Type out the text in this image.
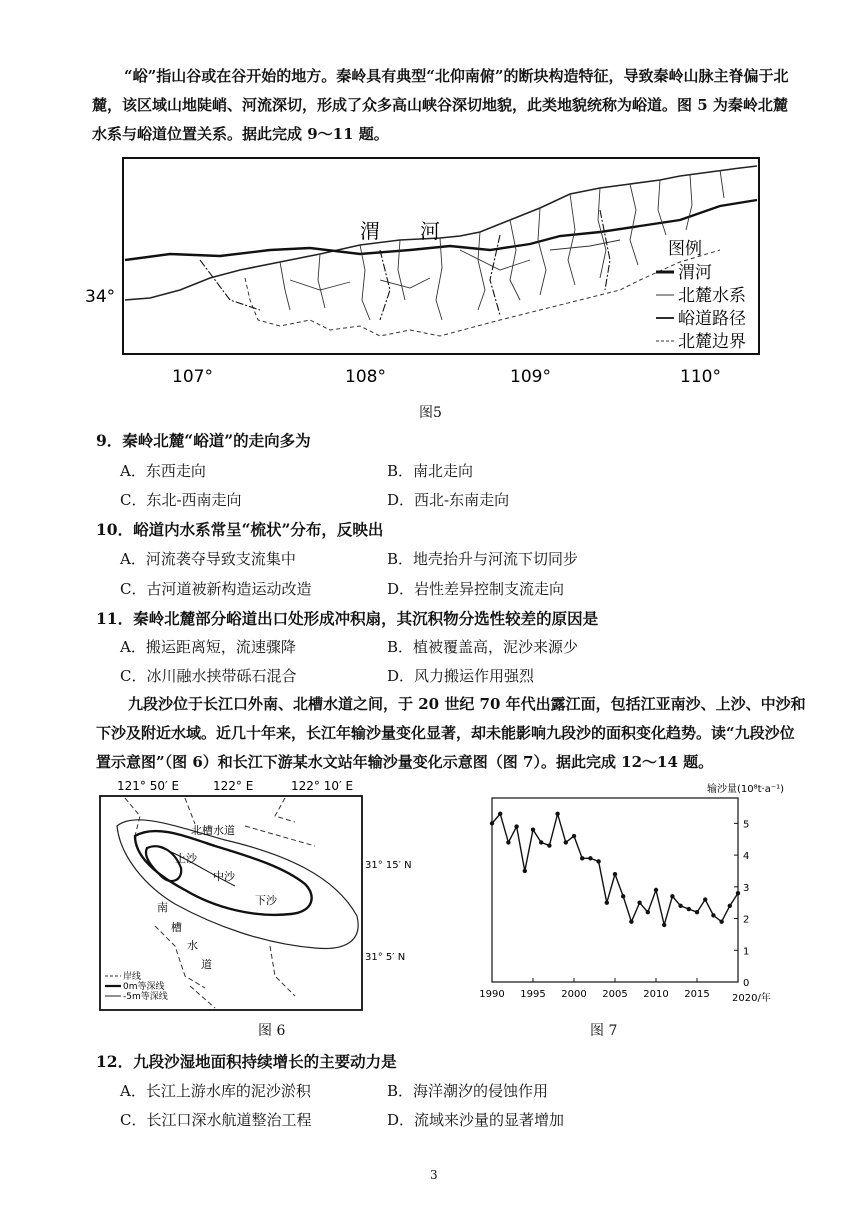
“峪”指山谷或在谷开始的地方。秦岭具有典型“北仰南俯”的断块构造特征，导致秦岭山脉主脊偏于北
麓，该区域山地陡峭、河流深切，形成了众多高山峡谷深切地貌，此类地貌统称为峪道。图 5 为秦岭北麓
水系与峪道位置关系。据此完成 9～11 题。
渭　　河
图例
渭河
北麓水系
峪道路径
北麓边界
34°
107°	108°	109°	110°
图5
9．秦岭北麓“峪道”的走向多为
A．东西走向	B．南北走向
C．东北-西南走向	D．西北-东南走向
10．峪道内水系常呈“梳状”分布，反映出
A．河流袭夺导致支流集中	B．地壳抬升与河流下切同步
C．古河道被新构造运动改造	D．岩性差异控制支流走向
11．秦岭北麓部分峪道出口处形成冲积扇，其沉积物分选性较差的原因是
A．搬运距离短，流速骤降	B．植被覆盖高，泥沙来源少
C．冰川融水挟带砾石混合	D．风力搬运作用强烈
九段沙位于长江口外南、北槽水道之间，于 20 世纪 70 年代出露江面，包括江亚南沙、上沙、中沙和
下沙及附近水域。近几十年来，长江年输沙量变化显著，却未能影响九段沙的面积变化趋势。读“九段沙位
置示意图”（图 6）和长江下游某水文站年输沙量变化示意图（图 7）。据此完成 12～14 题。
121° 50′ E	122° E	122° 10′ E
31° 15′ N
31° 5′ N
北槽水道
上沙
中沙
下沙
南
槽
水
道
岸线
0m等深线
-5m等深线
图 6
输沙量(10⁸t·a⁻¹)
0
1
2
3
4
5
1990 1995 2000 2005 2010 2015 2020/年
图 7
12．九段沙湿地面积持续增长的主要动力是
A．长江上游水库的泥沙淤积	B．海洋潮汐的侵蚀作用
C．长江口深水航道整治工程	D．流域来沙量的显著增加
3
